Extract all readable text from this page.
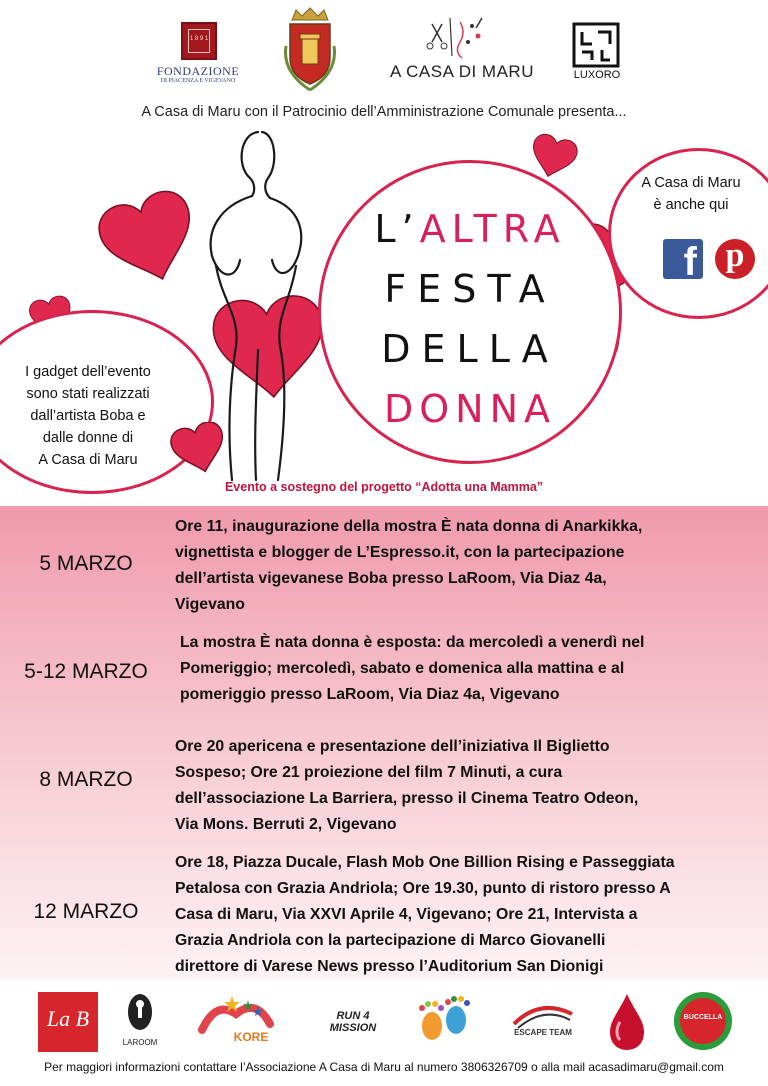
1 8 9 1
FONDAZIONE
DI PIACENZA E VIGEVANO	A CASA DI MARU	LUXORO
A Casa di Maru con il Patrocinio dell’Amministrazione Comunale presenta...
L’ALTRA
FESTA
DELLA
DONNA
A Casa di Maru
è anche qui
f p
I gadget dell’evento
sono stati realizzati
dall’artista Boba e
dalle donne di
A Casa di Maru
Evento a sostegno del progetto “Adotta una Mamma”
5 MARZO
Ore 11, inaugurazione della mostra È nata donna di Anarkikka,
vignettista e blogger de L’Espresso.it, con la partecipazione
dell’artista vigevanese Boba presso LaRoom, Via Diaz 4a,
Vigevano
5-12 MARZO
La mostra È nata donna è esposta: da mercoledì a venerdì nel
Pomeriggio; mercoledì, sabato e domenica alla mattina e al
pomeriggio presso LaRoom, Via Diaz 4a, Vigevano
8 MARZO
Ore 20 apericena e presentazione dell’iniziativa Il Biglietto
Sospeso; Ore 21 proiezione del film 7 Minuti, a cura
dell’associazione La Barriera, presso il Cinema Teatro Odeon,
Via Mons. Berruti 2, Vigevano
12 MARZO
Ore 18, Piazza Ducale, Flash Mob One Billion Rising e Passeggiata
Petalosa con Grazia Andriola; Ore 19.30, punto di ristoro presso A
Casa di Maru, Via XXVI Aprile 4, Vigevano; Ore 21, Intervista a
Grazia Andriola con la partecipazione di Marco Giovanelli
direttore di Varese News presso l’Auditorium San Dionigi
La B
LAROOM	KORE
RUN 4 MISSION	ESCAPE TEAM
BUCCELLA
Per maggiori informazioni contattare l’Associazione A Casa di Maru al numero 3806326709 o alla mail acasadimaru@gmail.com
